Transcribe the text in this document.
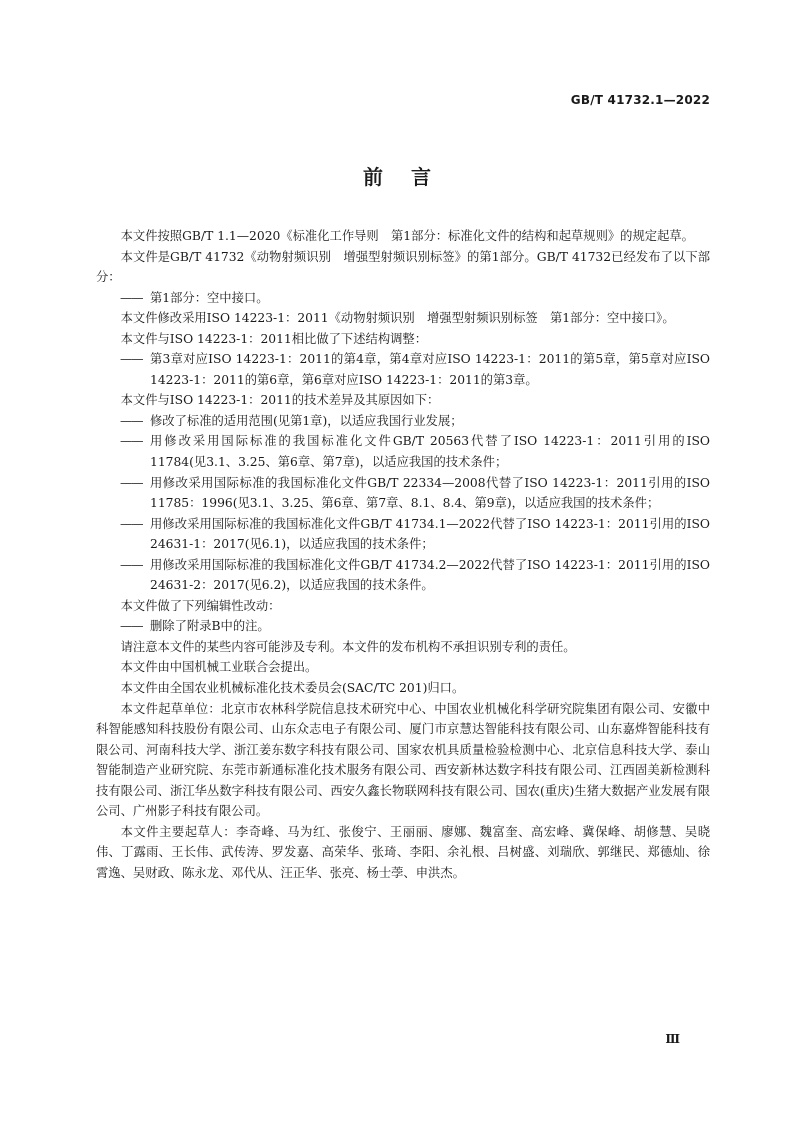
GB/T 41732.1—2022
前言

本文件按照GB/T 1.1—2020《标准化工作导则　第1部分：标准化文件的结构和起草规则》的规定起草。

本文件是GB/T 41732《动物射频识别　增强型射频识别标签》的第1部分。GB/T 41732已经发布了以下部分：

—— 第1部分：空中接口。

本文件修改采用ISO 14223-1：2011《动物射频识别　增强型射频识别标签　第1部分：空中接口》。

本文件与ISO 14223-1：2011相比做了下述结构调整：

—— 第3章对应ISO 14223-1：2011的第4章，第4章对应ISO 14223-1：2011的第5章，第5章对应ISO 14223-1：2011的第6章，第6章对应ISO 14223-1：2011的第3章。

本文件与ISO 14223-1：2011的技术差异及其原因如下：

—— 修改了标准的适用范围(见第1章)，以适应我国行业发展；

—— 用修改采用国际标准的我国标准化文件GB/T 20563代替了ISO 14223-1：2011引用的ISO 11784(见3.1、3.25、第6章、第7章)，以适应我国的技术条件；

—— 用修改采用国际标准的我国标准化文件GB/T 22334—2008代替了ISO 14223-1：2011引用的ISO 11785：1996(见3.1、3.25、第6章、第7章、8.1、8.4、第9章)，以适应我国的技术条件；

—— 用修改采用国际标准的我国标准化文件GB/T 41734.1—2022代替了ISO 14223-1：2011引用的ISO 24631-1：2017(见6.1)，以适应我国的技术条件；

—— 用修改采用国际标准的我国标准化文件GB/T 41734.2—2022代替了ISO 14223-1：2011引用的ISO 24631-2：2017(见6.2)，以适应我国的技术条件。

本文件做了下列编辑性改动：

—— 删除了附录B中的注。

请注意本文件的某些内容可能涉及专利。本文件的发布机构不承担识别专利的责任。

本文件由中国机械工业联合会提出。

本文件由全国农业机械标准化技术委员会(SAC/TC 201)归口。

本文件起草单位：北京市农林科学院信息技术研究中心、中国农业机械化科学研究院集团有限公司、安徽中科智能感知科技股份有限公司、山东众志电子有限公司、厦门市京慧达智能科技有限公司、山东嘉烨智能科技有限公司、河南科技大学、浙江姜东数字科技有限公司、国家农机具质量检验检测中心、北京信息科技大学、泰山智能制造产业研究院、东莞市新通标准化技术服务有限公司、西安新林达数字科技有限公司、江西固美新检测科技有限公司、浙江华丛数字科技有限公司、西安久鑫长物联网科技有限公司、国农(重庆)生猪大数据产业发展有限公司、广州影子科技有限公司。

本文件主要起草人：李奇峰、马为红、张俊宁、王丽丽、廖娜、魏富奎、高宏峰、冀保峰、胡修慧、吴晓伟、丁露雨、王长伟、武传涛、罗发嘉、高荣华、张琦、李阳、余礼根、吕树盛、刘瑞欣、郭继民、郑德灿、徐霄逸、吴财政、陈永龙、邓代从、汪正华、张亮、杨士荸、申洪杰。

Ⅲ
